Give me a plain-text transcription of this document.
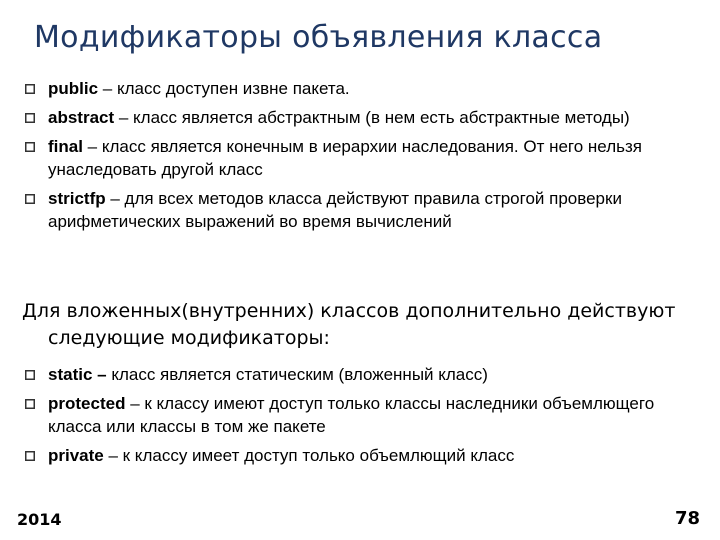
Модификаторы объявления класса
public – класс доступен извне пакета.
abstract – класс является абстрактным (в нем есть абстрактные методы)
final – класс является конечным в иерархии наследования. От него нельзя унаследовать другой класс
strictfp – для всех методов класса действуют правила строгой проверки арифметических выражений во время вычислений
Для вложенных(внутренних) классов дополнительно действуют следующие модификаторы:
static – класс является статическим (вложенный класс)
protected – к классу имеют доступ только классы наследники объемлющего класса или классы в том же пакете
private – к классу имеет доступ только объемлющий класс
2014	78
